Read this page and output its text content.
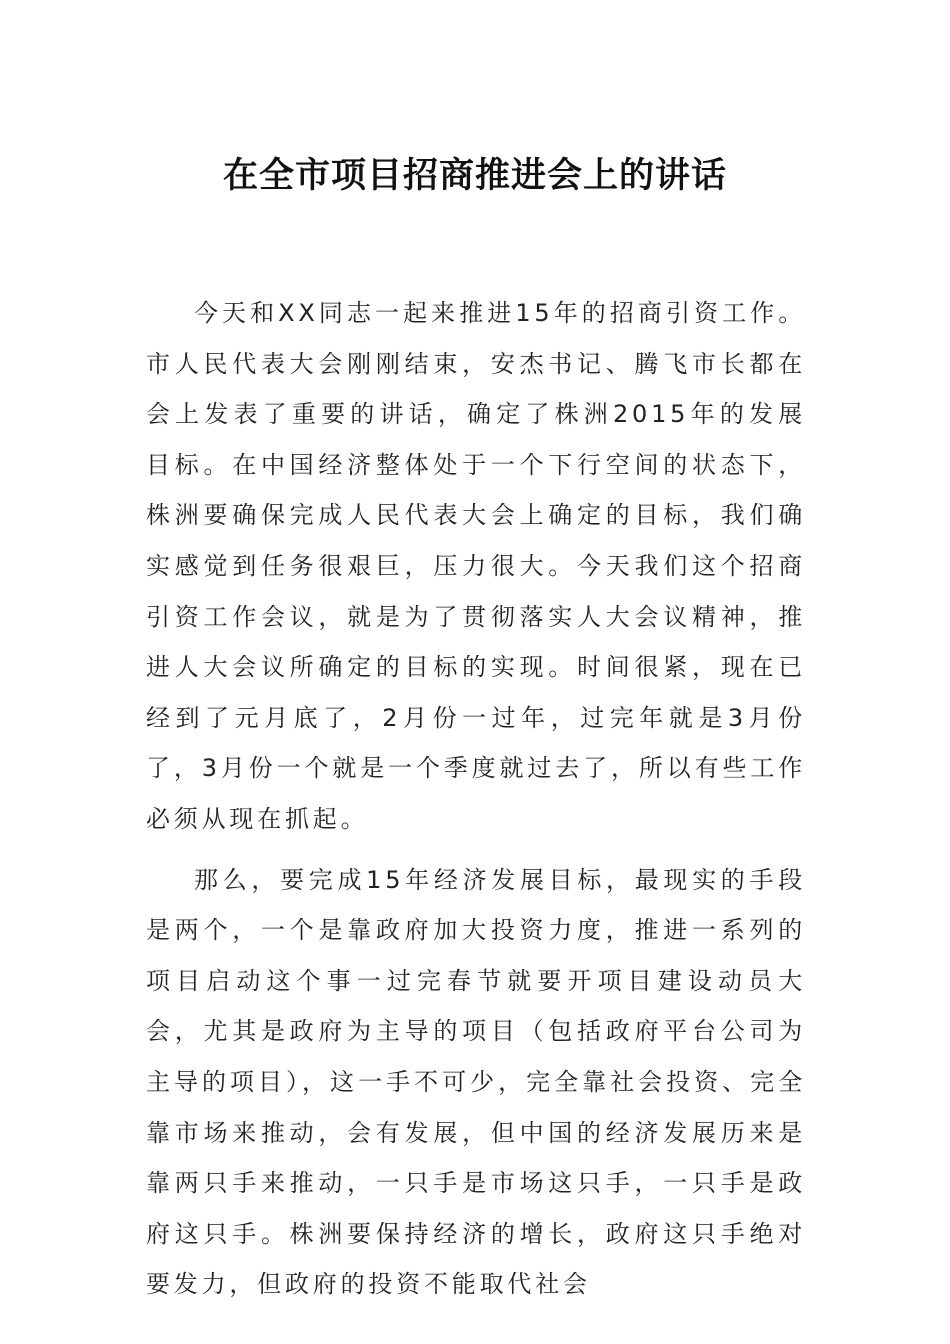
在全市项目招商推进会上的讲话

今天和XX同志一起来推进15年的招商引资工作。市人民代表大会刚刚结束，安杰书记、腾飞市长都在会上发表了重要的讲话，确定了株洲2015年的发展目标。在中国经济整体处于一个下行空间的状态下，株洲要确保完成人民代表大会上确定的目标，我们确实感觉到任务很艰巨，压力很大。今天我们这个招商引资工作会议，就是为了贯彻落实人大会议精神，推进人大会议所确定的目标的实现。时间很紧，现在已经到了元月底了，2月份一过年，过完年就是3月份了，3月份一个就是一个季度就过去了，所以有些工作必须从现在抓起。

那么，要完成15年经济发展目标，最现实的手段是两个，一个是靠政府加大投资力度，推进一系列的项目启动这个事一过完春节就要开项目建设动员大会，尤其是政府为主导的项目（包括政府平台公司为主导的项目），这一手不可少，完全靠社会投资、完全靠市场来推动，会有发展，但中国的经济发展历来是靠两只手来推动，一只手是市场这只手，一只手是政府这只手。株洲要保持经济的增长，政府这只手绝对要发力，但政府的投资不能取代社会
